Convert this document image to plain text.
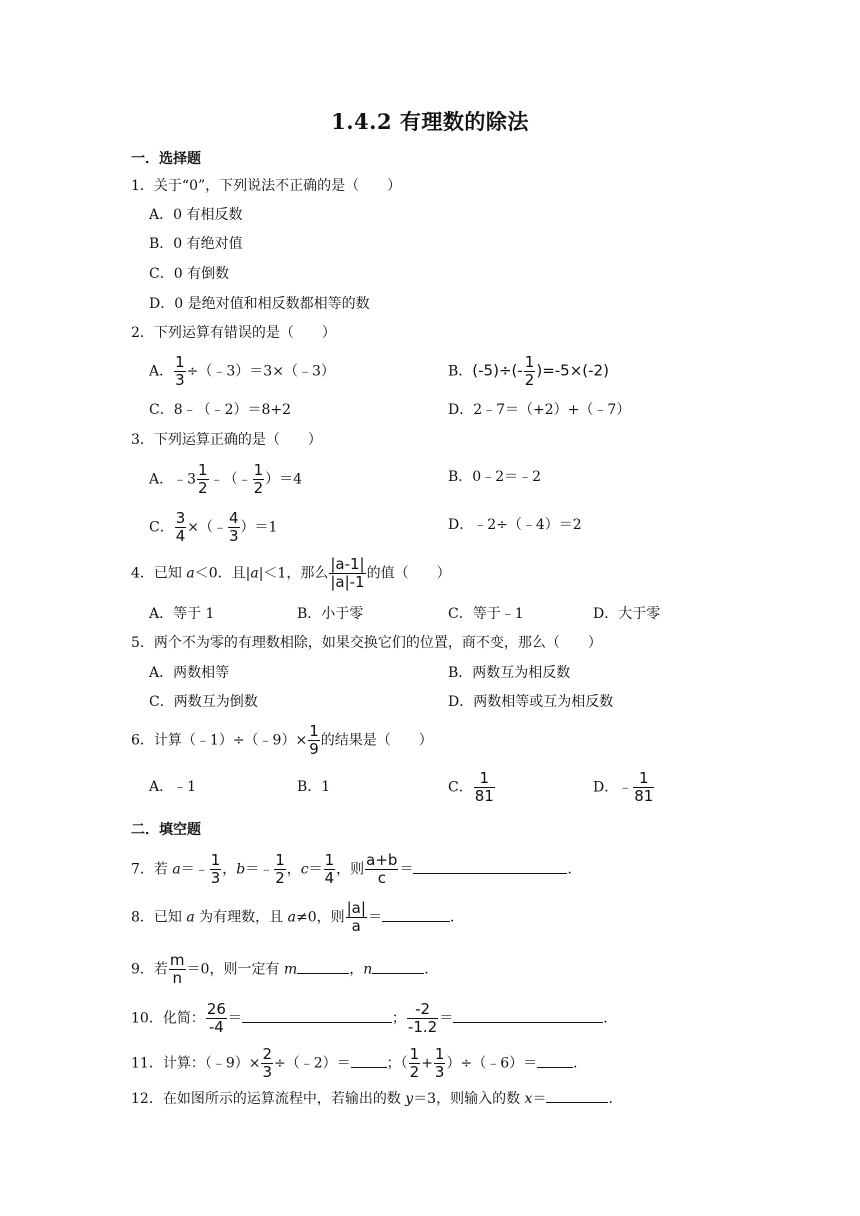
1.4.2 有理数的除法
一．选择题
1．关于“0”，下列说法不正确的是（　　）
A．0 有相反数
B．0 有绝对值
C．0 有倒数
D．0 是绝对值和相反数都相等的数
2．下列运算有错误的是（　　）
A． $\frac{1}{3}$ ÷（﹣3）＝3×（﹣3）	B．$(-5)\div(- \frac{1}{2} )=-5\times(-2)$
C．8﹣（﹣2）＝8+2	D．2﹣7＝（+2）+（﹣7）
3．下列运算正确的是（　　）
A．﹣3 $\frac{1}{2}$ ﹣（﹣ $\frac{1}{2} )=4$	B．0﹣2＝﹣2
C． $\frac{3}{4}$ ×（﹣ $\frac{4}{3} )=1$	D．﹣2÷（﹣4）＝2
4．已知 a＜0．且|a|＜1，那么 $\frac{|a-1|}{|a|-1}$ 的值（　　）
A．等于 1	B．小于零	C．等于﹣1	D．大于零
5．两个不为零的有理数相除，如果交换它们的位置，商不变，那么（　　）
A．两数相等	B．两数互为相反数
C．两数互为倒数	D．两数相等或互为相反数
6．计算（﹣1）÷（﹣9）× $\frac{1}{9}$ 的结果是（　　）
A．﹣1	B．1	C． $\frac{1}{81}$	D．﹣ $\frac{1}{81}$
二．填空题
7．若 a＝﹣ $\frac{1}{3}$ ，b＝﹣ $\frac{1}{2}$ ，$c= \frac{1}{4}$ ，则 $\frac{a+b}{c}$ ＝	．
8．已知 a 为有理数，且 a≠0，则 $\frac{|a|}{a}$ ＝	．
9．若 $\frac{m}{n} =0$，则一定有 m	，n	．
10．化简： $\frac{26}{-4}$ ＝	； $\frac{-2}{-1.2}$ ＝	．
11．计算：（﹣9）× $\frac{2}{3}$ ÷（﹣2）＝	；（ $\frac{1}{2} + \frac{1}{3}$ ）÷（﹣6）＝	．
12．在如图所示的运算流程中，若输出的数 y＝3，则输入的数 x＝	．
